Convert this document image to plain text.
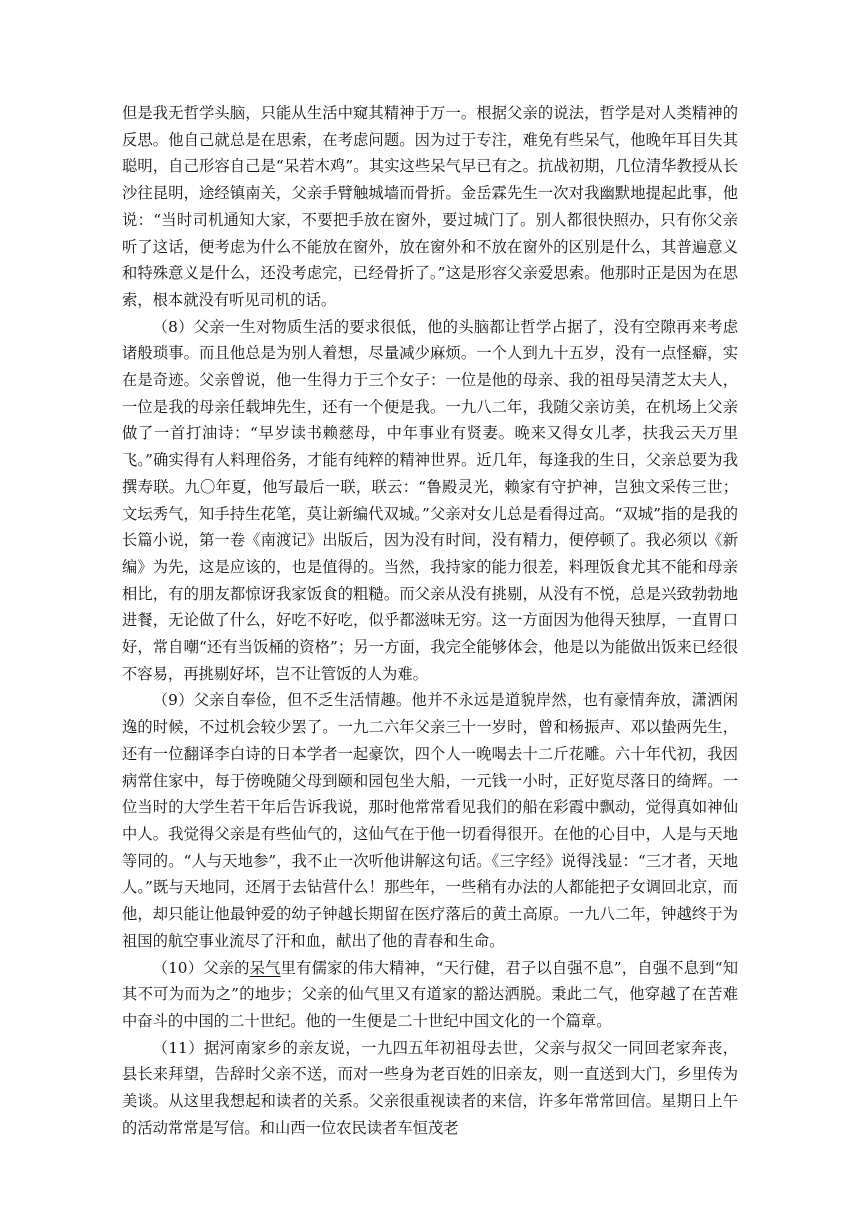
但是我无哲学头脑，只能从生活中窥其精神于万一。根据父亲的说法，哲学是对人类精神的反思。他自己就总是在思索，在考虑问题。因为过于专注，难免有些呆气，他晚年耳目失其聪明，自己形容自己是“呆若木鸡”。其实这些呆气早已有之。抗战初期，几位清华教授从长沙往昆明，途经镇南关，父亲手臂触城墙而骨折。金岳霖先生一次对我幽默地提起此事，他说：“当时司机通知大家，不要把手放在窗外，要过城门了。别人都很快照办，只有你父亲听了这话，便考虑为什么不能放在窗外，放在窗外和不放在窗外的区别是什么，其普遍意义和特殊意义是什么，还没考虑完，已经骨折了。”这是形容父亲爱思索。他那时正是因为在思索，根本就没有听见司机的话。

（8）父亲一生对物质生活的要求很低，他的头脑都让哲学占据了，没有空隙再来考虑诸般琐事。而且他总是为别人着想，尽量减少麻烦。一个人到九十五岁，没有一点怪癖，实在是奇迹。父亲曾说，他一生得力于三个女子：一位是他的母亲、我的祖母吴清芝太夫人，一位是我的母亲任载坤先生，还有一个便是我。一九八二年，我随父亲访美，在机场上父亲做了一首打油诗：“早岁读书赖慈母，中年事业有贤妻。晚来又得女儿孝，扶我云天万里飞。”确实得有人料理俗务，才能有纯粹的精神世界。近几年，每逢我的生日，父亲总要为我撰寿联。九〇年夏，他写最后一联，联云：“鲁殿灵光，赖家有守护神，岂独文采传三世；文坛秀气，知手持生花笔，莫让新编代双城。”父亲对女儿总是看得过高。“双城”指的是我的长篇小说，第一卷《南渡记》出版后，因为没有时间，没有精力，便停顿了。我必须以《新编》为先，这是应该的，也是值得的。当然，我持家的能力很差，料理饭食尤其不能和母亲相比，有的朋友都惊讶我家饭食的粗糙。而父亲从没有挑剔，从没有不悦，总是兴致勃勃地进餐，无论做了什么，好吃不好吃，似乎都滋味无穷。这一方面因为他得天独厚，一直胃口好，常自嘲“还有当饭桶的资格”；另一方面，我完全能够体会，他是以为能做出饭来已经很不容易，再挑剔好坏，岂不让管饭的人为难。

（9）父亲自奉俭，但不乏生活情趣。他并不永远是道貌岸然，也有豪情奔放，潇洒闲逸的时候，不过机会较少罢了。一九二六年父亲三十一岁时，曾和杨振声、邓以蛰两先生，还有一位翻译李白诗的日本学者一起豪饮，四个人一晚喝去十二斤花雕。六十年代初，我因病常住家中，每于傍晚随父母到颐和园包坐大船，一元钱一小时，正好览尽落日的绮辉。一位当时的大学生若干年后告诉我说，那时他常常看见我们的船在彩霞中飘动，觉得真如神仙中人。我觉得父亲是有些仙气的，这仙气在于他一切看得很开。在他的心目中，人是与天地等同的。“人与天地参”，我不止一次听他讲解这句话。《三字经》说得浅显：“三才者，天地人。”既与天地同，还屑于去钻营什么！那些年，一些稍有办法的人都能把子女调回北京，而他，却只能让他最钟爱的幼子钟越长期留在医疗落后的黄土高原。一九八二年，钟越终于为祖国的航空事业流尽了汗和血，献出了他的青春和生命。

（10）父亲的呆气里有儒家的伟大精神，“天行健，君子以自强不息”，自强不息到“知其不可为而为之”的地步；父亲的仙气里又有道家的豁达洒脱。秉此二气，他穿越了在苦难中奋斗的中国的二十世纪。他的一生便是二十世纪中国文化的一个篇章。

（11）据河南家乡的亲友说，一九四五年初祖母去世，父亲与叔父一同回老家奔丧，县长来拜望，告辞时父亲不送，而对一些身为老百姓的旧亲友，则一直送到大门，乡里传为美谈。从这里我想起和读者的关系。父亲很重视读者的来信，许多年常常回信。星期日上午的活动常常是写信。和山西一位农民读者车恒茂老
